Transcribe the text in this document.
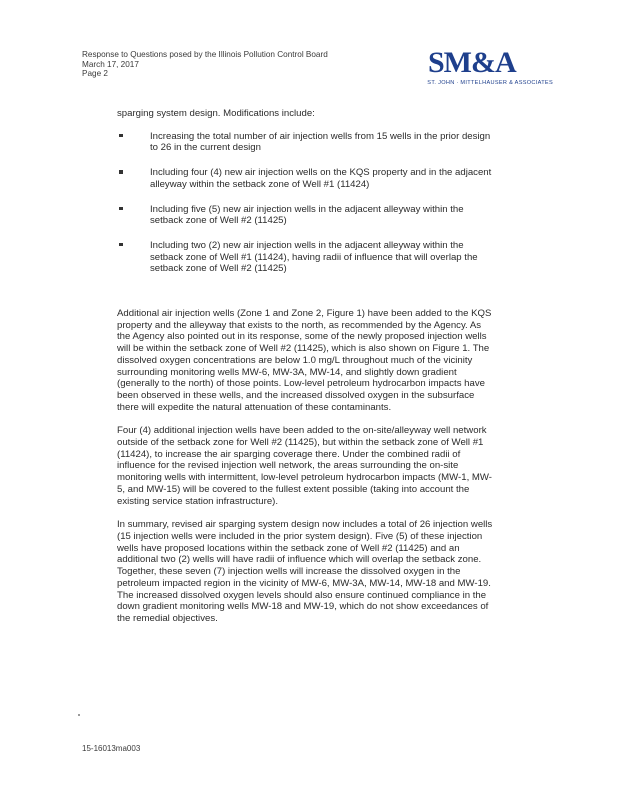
Response to Questions posed by the Illinois Pollution Control Board
March 17, 2017
Page 2	SM&A
ST. JOHN · MITTELHAUSER & ASSOCIATES

sparging system design. Modifications include:

Increasing the total number of air injection wells from 15 wells in the prior design to 26 in the current design
Including four (4) new air injection wells on the KQS property and in the adjacent alleyway within the setback zone of Well #1 (11424)
Including five (5) new air injection wells in the adjacent alleyway within the setback zone of Well #2 (11425)
Including two (2) new air injection wells in the adjacent alleyway within the setback zone of Well #1 (11424), having radii of influence that will overlap the setback zone of Well #2 (11425)

Additional air injection wells (Zone 1 and Zone 2, Figure 1) have been added to the KQS property and the alleyway that exists to the north, as recommended by the Agency. As the Agency also pointed out in its response, some of the newly proposed injection wells will be within the setback zone of Well #2 (11425), which is also shown on Figure 1. The dissolved oxygen concentrations are below 1.0 mg/L throughout much of the vicinity surrounding monitoring wells MW-6, MW-3A, MW-14, and slightly down gradient (generally to the north) of those points. Low-level petroleum hydrocarbon impacts have been observed in these wells, and the increased dissolved oxygen in the subsurface there will expedite the natural attenuation of these contaminants.

Four (4) additional injection wells have been added to the on-site/alleyway well network outside of the setback zone for Well #2 (11425), but within the setback zone of Well #1 (11424), to increase the air sparging coverage there. Under the combined radii of influence for the revised injection well network, the areas surrounding the on-site monitoring wells with intermittent, low-level petroleum hydrocarbon impacts (MW-1, MW-5, and MW-15) will be covered to the fullest extent possible (taking into account the existing service station infrastructure).

In summary, revised air sparging system design now includes a total of 26 injection wells (15 injection wells were included in the prior system design). Five (5) of these injection wells have proposed locations within the setback zone of Well #2 (11425) and an additional two (2) wells will have radii of influence which will overlap the setback zone. Together, these seven (7) injection wells will increase the dissolved oxygen in the petroleum impacted region in the vicinity of MW-6, MW-3A, MW-14, MW-18 and MW-19. The increased dissolved oxygen levels should also ensure continued compliance in the down gradient monitoring wells MW-18 and MW-19, which do not show exceedances of the remedial objectives.

15-16013ma003
